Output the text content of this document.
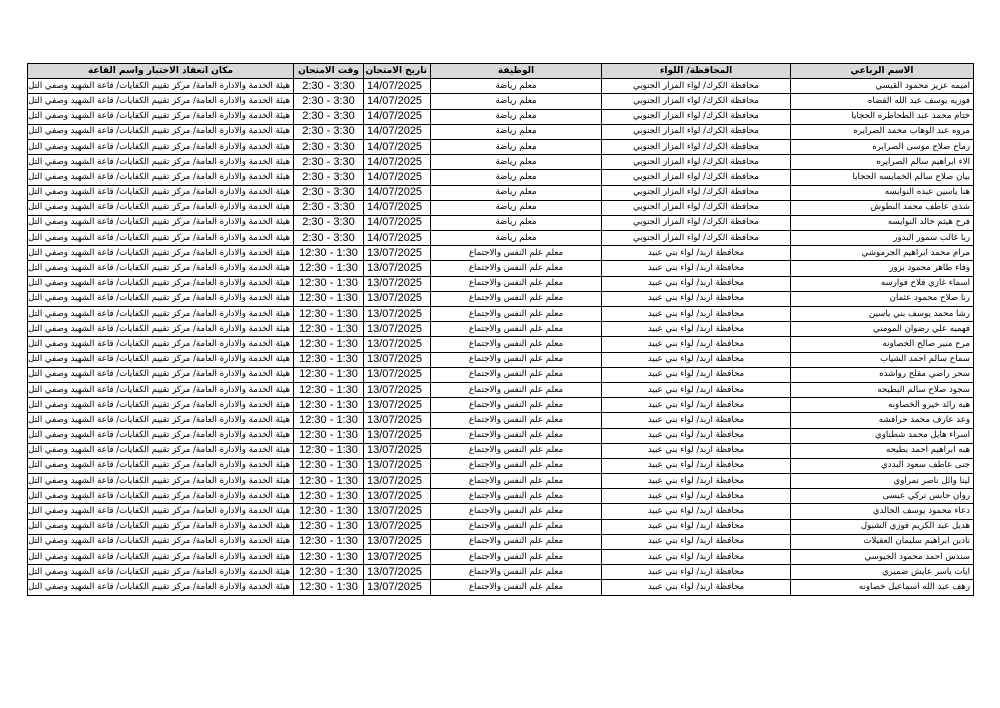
الاسم الرباعي	المحافظة/ اللواء	الوظيفة	تاريخ الامتحان	وقت الامتحان	مكان انعقاد الاختبار واسم القاعة
اميمه عزيز محمود القيسي	محافظة الكرك/ لواء المزار الجنوبي	معلم رياضة	14/07/2025	2:30 - 3:30	هيئة الخدمة والادارة العامة/ مركز تقييم الكفايات/ قاعة الشهيد وصفي التل
فوزيه يوسف عبد الله القضاه	محافظة الكرك/ لواء المزار الجنوبي	معلم رياضة	14/07/2025	2:30 - 3:30	هيئة الخدمة والادارة العامة/ مركز تقييم الكفايات/ قاعة الشهيد وصفي التل
ختام محمد عبد الطحاطره الحجايا	محافظة الكرك/ لواء المزار الجنوبي	معلم رياضة	14/07/2025	2:30 - 3:30	هيئة الخدمة والادارة العامة/ مركز تقييم الكفايات/ قاعة الشهيد وصفي التل
مروه عبد الوهاب محمد الصرايره	محافظة الكرك/ لواء المزار الجنوبي	معلم رياضة	14/07/2025	2:30 - 3:30	هيئة الخدمة والادارة العامة/ مركز تقييم الكفايات/ قاعة الشهيد وصفي التل
رماح صلاح موسى الصرايره	محافظة الكرك/ لواء المزار الجنوبي	معلم رياضة	14/07/2025	2:30 - 3:30	هيئة الخدمة والادارة العامة/ مركز تقييم الكفايات/ قاعة الشهيد وصفي التل
الاء ابراهيم سالم الصرايره	محافظة الكرك/ لواء المزار الجنوبي	معلم رياضة	14/07/2025	2:30 - 3:30	هيئة الخدمة والادارة العامة/ مركز تقييم الكفايات/ قاعة الشهيد وصفي التل
بيان صلاح سالم الخمايسه الحجايا	محافظة الكرك/ لواء المزار الجنوبي	معلم رياضة	14/07/2025	2:30 - 3:30	هيئة الخدمة والادارة العامة/ مركز تقييم الكفايات/ قاعة الشهيد وصفي التل
هنا ياسين عبده النوايسه	محافظة الكرك/ لواء المزار الجنوبي	معلم رياضة	14/07/2025	2:30 - 3:30	هيئة الخدمة والادارة العامة/ مركز تقييم الكفايات/ قاعة الشهيد وصفي التل
شذى عاطف محمد البطوش	محافظة الكرك/ لواء المزار الجنوبي	معلم رياضة	14/07/2025	2:30 - 3:30	هيئة الخدمة والادارة العامة/ مركز تقييم الكفايات/ قاعة الشهيد وصفي التل
فرح هيثم خالد النوايسه	محافظة الكرك/ لواء المزار الجنوبي	معلم رياضة	14/07/2025	2:30 - 3:30	هيئة الخدمة والادارة العامة/ مركز تقييم الكفايات/ قاعة الشهيد وصفي التل
ربا غالب سمور البدور	محافظة الكرك/ لواء المزار الجنوبي	معلم رياضة	14/07/2025	2:30 - 3:30	هيئة الخدمة والادارة العامة/ مركز تقييم الكفايات/ قاعة الشهيد وصفي التل
مرام محمد ابراهيم الجرموشي	محافظة اربد/ لواء بني عبيد	معلم علم النفس والاجتماع	13/07/2025	12:30 - 1:30	هيئة الخدمة والادارة العامة/ مركز تقييم الكفايات/ قاعة الشهيد وصفي التل
وفاء طاهر محمود بزور	محافظة اربد/ لواء بني عبيد	معلم علم النفس والاجتماع	13/07/2025	12:30 - 1:30	هيئة الخدمة والادارة العامة/ مركز تقييم الكفايات/ قاعة الشهيد وصفي التل
اسماء غازي فلاح فوارسه	محافظة اربد/ لواء بني عبيد	معلم علم النفس والاجتماع	13/07/2025	12:30 - 1:30	هيئة الخدمة والادارة العامة/ مركز تقييم الكفايات/ قاعة الشهيد وصفي التل
رنا صلاح محمود عثمان	محافظة اربد/ لواء بني عبيد	معلم علم النفس والاجتماع	13/07/2025	12:30 - 1:30	هيئة الخدمة والادارة العامة/ مركز تقييم الكفايات/ قاعة الشهيد وصفي التل
رشا محمد يوسف بني ياسين	محافظة اربد/ لواء بني عبيد	معلم علم النفس والاجتماع	13/07/2025	12:30 - 1:30	هيئة الخدمة والادارة العامة/ مركز تقييم الكفايات/ قاعة الشهيد وصفي التل
فهميه علي رضوان المومني	محافظة اربد/ لواء بني عبيد	معلم علم النفس والاجتماع	13/07/2025	12:30 - 1:30	هيئة الخدمة والادارة العامة/ مركز تقييم الكفايات/ قاعة الشهيد وصفي التل
مرح منير صالح الخصاونه	محافظة اربد/ لواء بني عبيد	معلم علم النفس والاجتماع	13/07/2025	12:30 - 1:30	هيئة الخدمة والادارة العامة/ مركز تقييم الكفايات/ قاعة الشهيد وصفي التل
سماح سالم احمد الشياب	محافظة اربد/ لواء بني عبيد	معلم علم النفس والاجتماع	13/07/2025	12:30 - 1:30	هيئة الخدمة والادارة العامة/ مركز تقييم الكفايات/ قاعة الشهيد وصفي التل
سحر راضي مقلح رواشده	محافظة اربد/ لواء بني عبيد	معلم علم النفس والاجتماع	13/07/2025	12:30 - 1:30	هيئة الخدمة والادارة العامة/ مركز تقييم الكفايات/ قاعة الشهيد وصفي التل
سجود صلاح سالم البطيحه	محافظة اربد/ لواء بني عبيد	معلم علم النفس والاجتماع	13/07/2025	12:30 - 1:30	هيئة الخدمة والادارة العامة/ مركز تقييم الكفايات/ قاعة الشهيد وصفي التل
هبه رائد خيرو الخصاونه	محافظة اربد/ لواء بني عبيد	معلم علم النفس والاجتماع	13/07/2025	12:30 - 1:30	هيئة الخدمة والادارة العامة/ مركز تقييم الكفايات/ قاعة الشهيد وصفي التل
وعد عارف محمد حرافشه	محافظة اربد/ لواء بني عبيد	معلم علم النفس والاجتماع	13/07/2025	12:30 - 1:30	هيئة الخدمة والادارة العامة/ مركز تقييم الكفايات/ قاعة الشهيد وصفي التل
اسراء هايل محمد شطناوي	محافظة اربد/ لواء بني عبيد	معلم علم النفس والاجتماع	13/07/2025	12:30 - 1:30	هيئة الخدمة والادارة العامة/ مركز تقييم الكفايات/ قاعة الشهيد وصفي التل
هبه ابراهيم احمد بطيحه	محافظة اربد/ لواء بني عبيد	معلم علم النفس والاجتماع	13/07/2025	12:30 - 1:30	هيئة الخدمة والادارة العامة/ مركز تقييم الكفايات/ قاعة الشهيد وصفي التل
جنى عاطف سعود البددي	محافظة اربد/ لواء بني عبيد	معلم علم النفس والاجتماع	13/07/2025	12:30 - 1:30	هيئة الخدمة والادارة العامة/ مركز تقييم الكفايات/ قاعة الشهيد وصفي التل
لينا وائل ناصر نمراوي	محافظة اربد/ لواء بني عبيد	معلم علم النفس والاجتماع	13/07/2025	12:30 - 1:30	هيئة الخدمة والادارة العامة/ مركز تقييم الكفايات/ قاعة الشهيد وصفي التل
روان حابس تركي عيسى	محافظة اربد/ لواء بني عبيد	معلم علم النفس والاجتماع	13/07/2025	12:30 - 1:30	هيئة الخدمة والادارة العامة/ مركز تقييم الكفايات/ قاعة الشهيد وصفي التل
دعاء محمود يوسف الخالدي	محافظة اربد/ لواء بني عبيد	معلم علم النفس والاجتماع	13/07/2025	12:30 - 1:30	هيئة الخدمة والادارة العامة/ مركز تقييم الكفايات/ قاعة الشهيد وصفي التل
هديل عبد الكريم فوزي الشبول	محافظة اربد/ لواء بني عبيد	معلم علم النفس والاجتماع	13/07/2025	12:30 - 1:30	هيئة الخدمة والادارة العامة/ مركز تقييم الكفايات/ قاعة الشهيد وصفي التل
نادين ابراهيم سليمان العقيلات	محافظة اربد/ لواء بني عبيد	معلم علم النفس والاجتماع	13/07/2025	12:30 - 1:30	هيئة الخدمة والادارة العامة/ مركز تقييم الكفايات/ قاعة الشهيد وصفي التل
سندس احمد محمود الجيوسي	محافظة اربد/ لواء بني عبيد	معلم علم النفس والاجتماع	13/07/2025	12:30 - 1:30	هيئة الخدمة والادارة العامة/ مركز تقييم الكفايات/ قاعة الشهيد وصفي التل
ايات ياسر عايش ضميري	محافظة اربد/ لواء بني عبيد	معلم علم النفس والاجتماع	13/07/2025	12:30 - 1:30	هيئة الخدمة والادارة العامة/ مركز تقييم الكفايات/ قاعة الشهيد وصفي التل
رهف عبد الله اسماعيل خصاونه	محافظة اربد/ لواء بني عبيد	معلم علم النفس والاجتماع	13/07/2025	12:30 - 1:30	هيئة الخدمة والادارة العامة/ مركز تقييم الكفايات/ قاعة الشهيد وصفي التل
